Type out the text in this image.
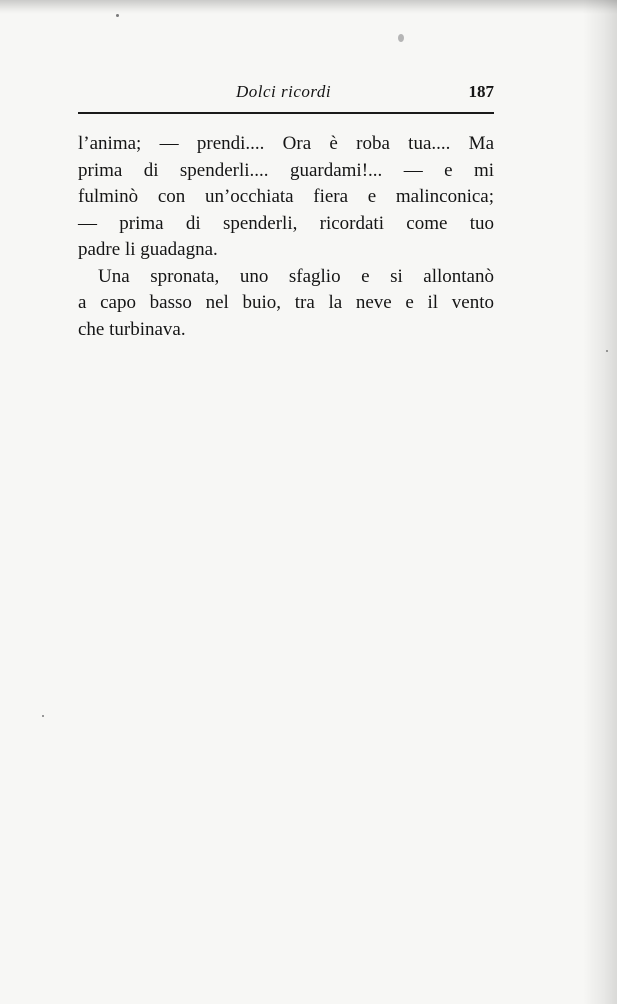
Dolci ricordi	187
l’anima; — prendi.... Ora è roba tua.... Ma
prima di spenderli.... guardami!... — e mi
fulminò con un’occhiata fiera e malinconica;
— prima di spenderli, ricordati come tuo
padre li guadagna.
Una spronata, uno sfaglio e si allontanò
a capo basso nel buio, tra la neve e il vento
che turbinava.
